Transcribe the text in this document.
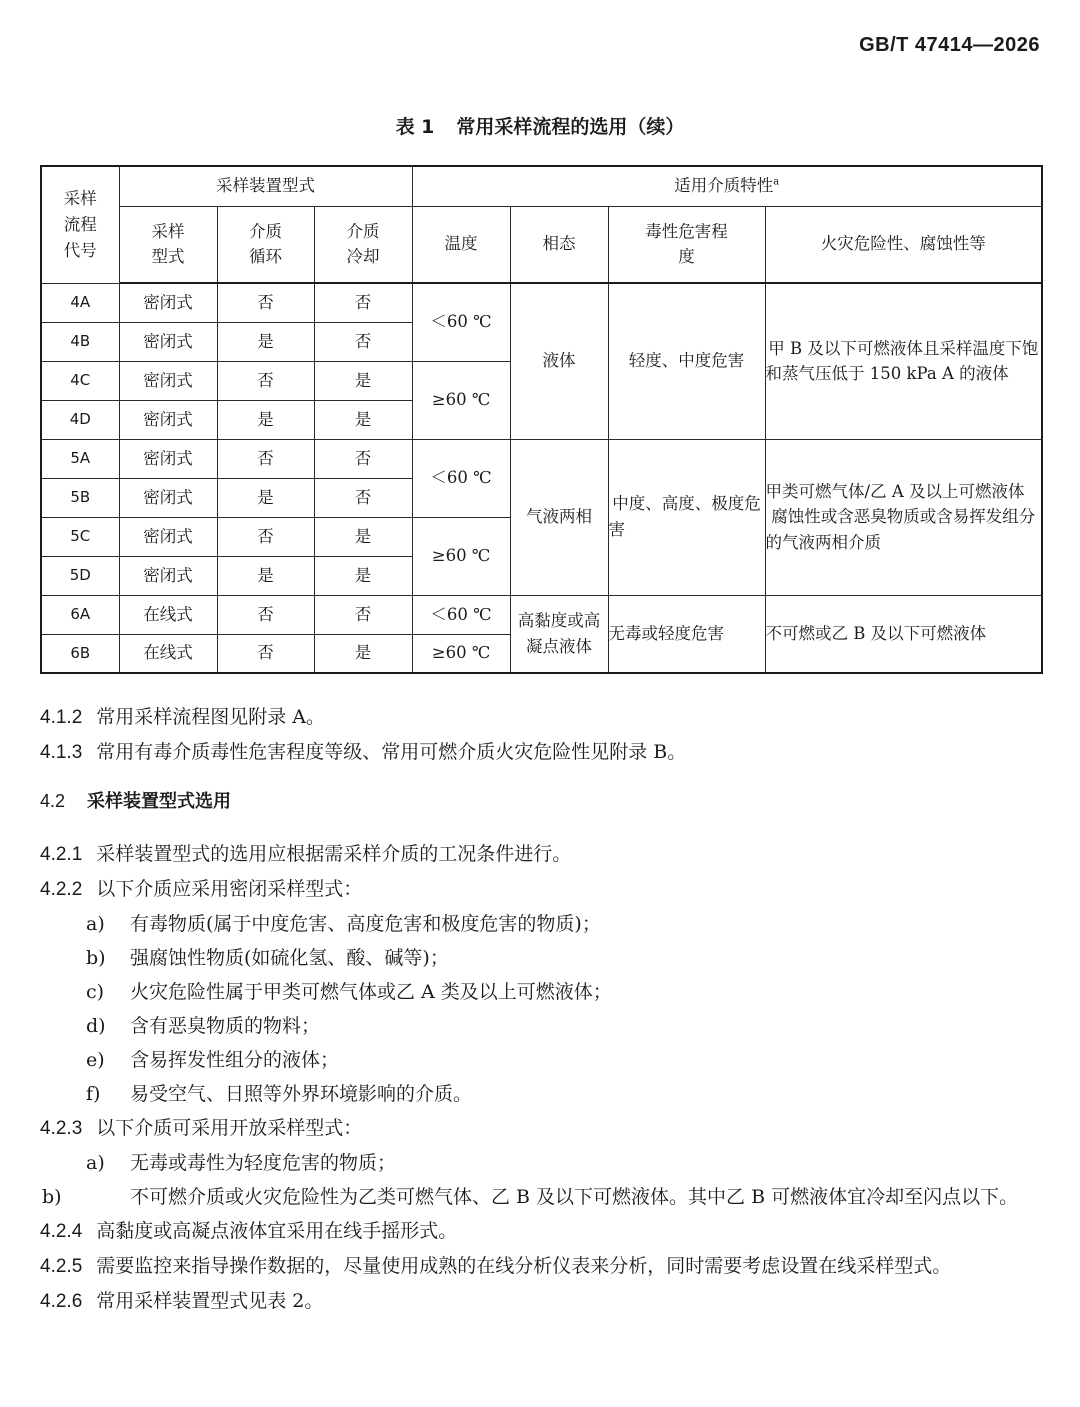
GB/T 47414—2026
表 1 常用采样流程的选用（续）
采样流程代号	采样装置型式			适用介质特性$^a$
	采样型式	介质循环	介质冷却	温度	相态	毒性危害程度	火灾危险性、腐蚀性等
4A	密闭式	否	否	＜60 ℃	液体	轻度、中度危害	甲 B 及以下可燃液体且采样温度下饱和蒸气压低于 150 kPa A 的液体
4B	密闭式	是	否				
4C	密闭式	否	是	≥60 ℃			
4D	密闭式	是	是				
5A	密闭式	否	否	＜60 ℃	气液两相	中度、高度、极度危害	甲类可燃气体/乙 A 及以上可燃液体
腐蚀性或含恶臭物质或含易挥发组分的气液两相介质

5B	密闭式	是	否				
5C	密闭式	否	是	≥60 ℃			
5D	密闭式	是	是				
6A	在线式	否	否	＜60 ℃	高黏度或高凝点液体	无毒或轻度危害	不可燃或乙 B 及以下可燃液体
6B	在线式	否	是	≥60 ℃			
4.1.2 常用采样流程图见附录 A。
4.1.3 常用有毒介质毒性危害程度等级、常用可燃介质火灾危险性见附录 B。
4.2 采样装置型式选用
4.2.1 采样装置型式的选用应根据需采样介质的工况条件进行。
4.2.2 以下介质应采用密闭采样型式：
a) 有毒物质(属于中度危害、高度危害和极度危害的物质)；
b) 强腐蚀性物质(如硫化氢、酸、碱等)；
c) 火灾危险性属于甲类可燃气体或乙 A 类及以上可燃液体；
d) 含有恶臭物质的物料；
e) 含易挥发性组分的液体；
f) 易受空气、日照等外界环境影响的介质。
4.2.3 以下介质可采用开放采样型式：
a) 无毒或毒性为轻度危害的物质；
b)	不可燃介质或火灾危险性为乙类可燃气体、乙 B 及以下可燃液体。其中乙 B 可燃液体宜冷却至闪点以下。
4.2.4 高黏度或高凝点液体宜采用在线手摇形式。
4.2.5 需要监控来指导操作数据的，尽量使用成熟的在线分析仪表来分析，同时需要考虑设置在线采样型式。
4.2.6 常用采样装置型式见表 2。
